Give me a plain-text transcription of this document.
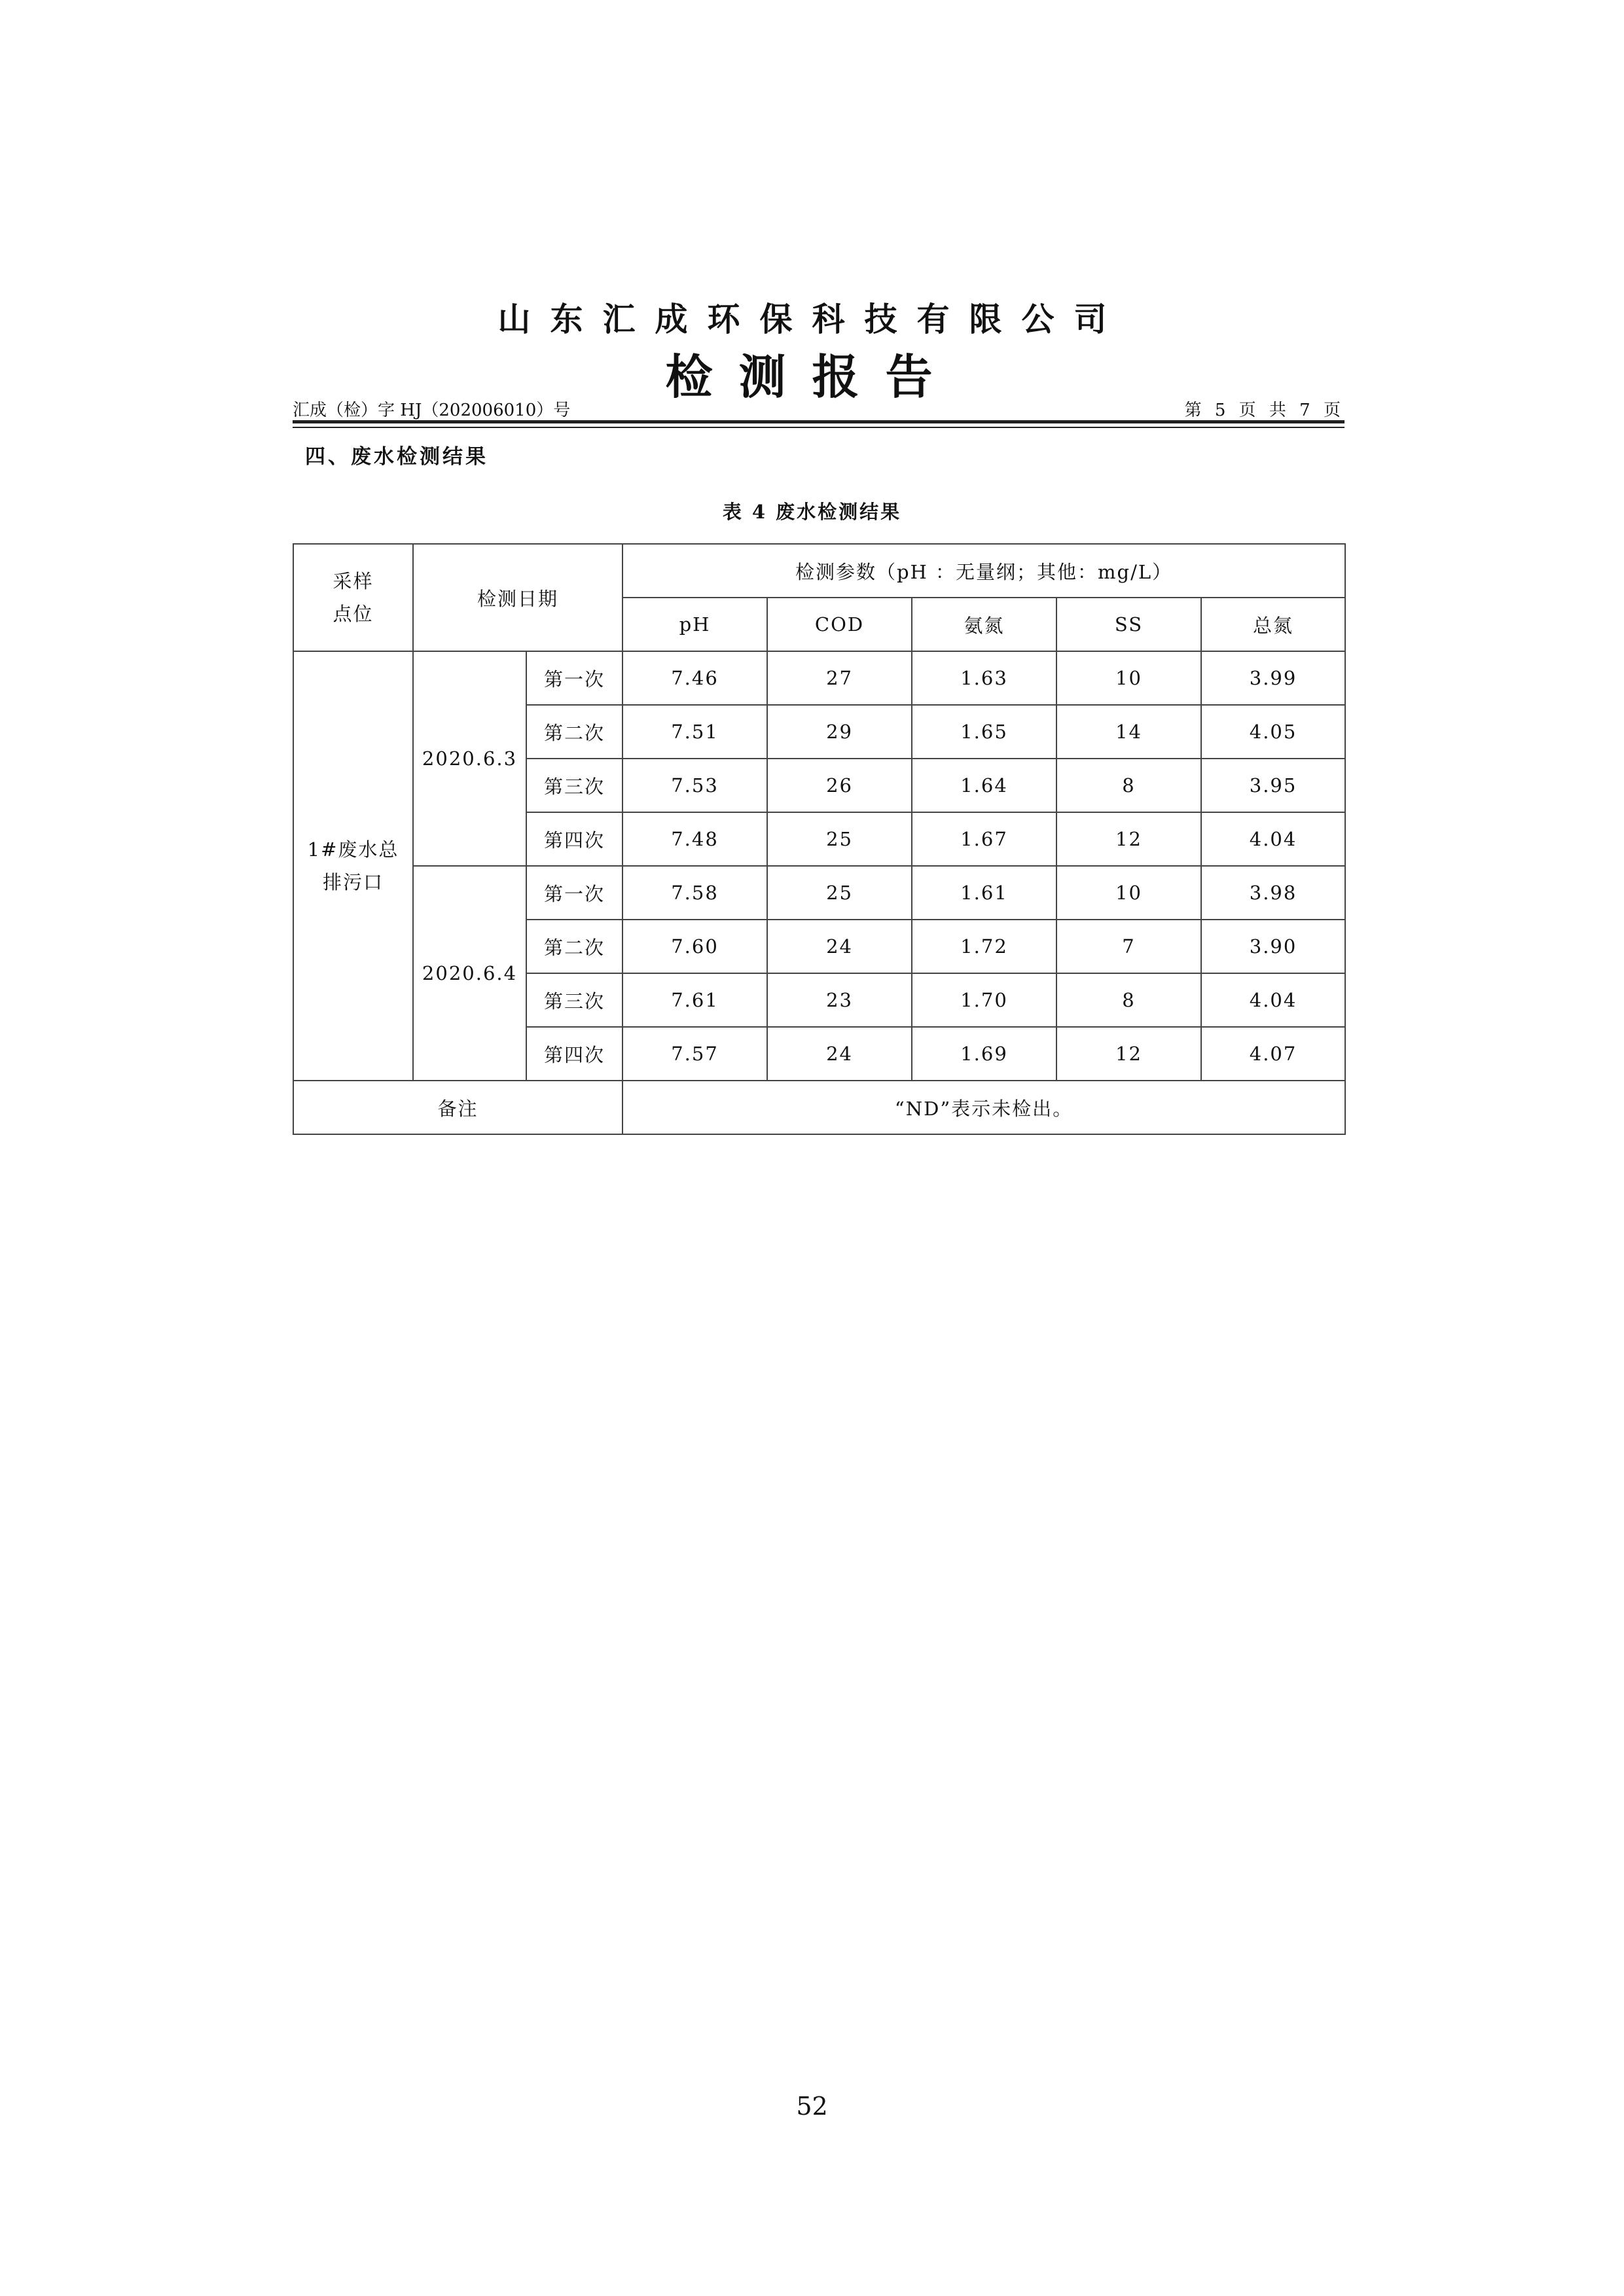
山东汇成环保科技有限公司
检测报告
汇成（检）字 HJ（202006010）号	第 5 页 共 7 页
四、废水检测结果
表 4 废水检测结果
采样
点位	检测日期		检测参数（pH ：无量纲；其他：mg/L）				
			pH	COD	氨氮	SS	总氮
1#废水总
排污口	2020.6.3	第一次	7.46	27	1.63	10	3.99
		第二次	7.51	29	1.65	14	4.05
		第三次	7.53	26	1.64	8	3.95
		第四次	7.48	25	1.67	12	4.04
	2020.6.4	第一次	7.58	25	1.61	10	3.98
		第二次	7.60	24	1.72	7	3.90
		第三次	7.61	23	1.70	8	4.04
		第四次	7.57	24	1.69	12	4.07
备注			“ND”表示未检出。				
52
